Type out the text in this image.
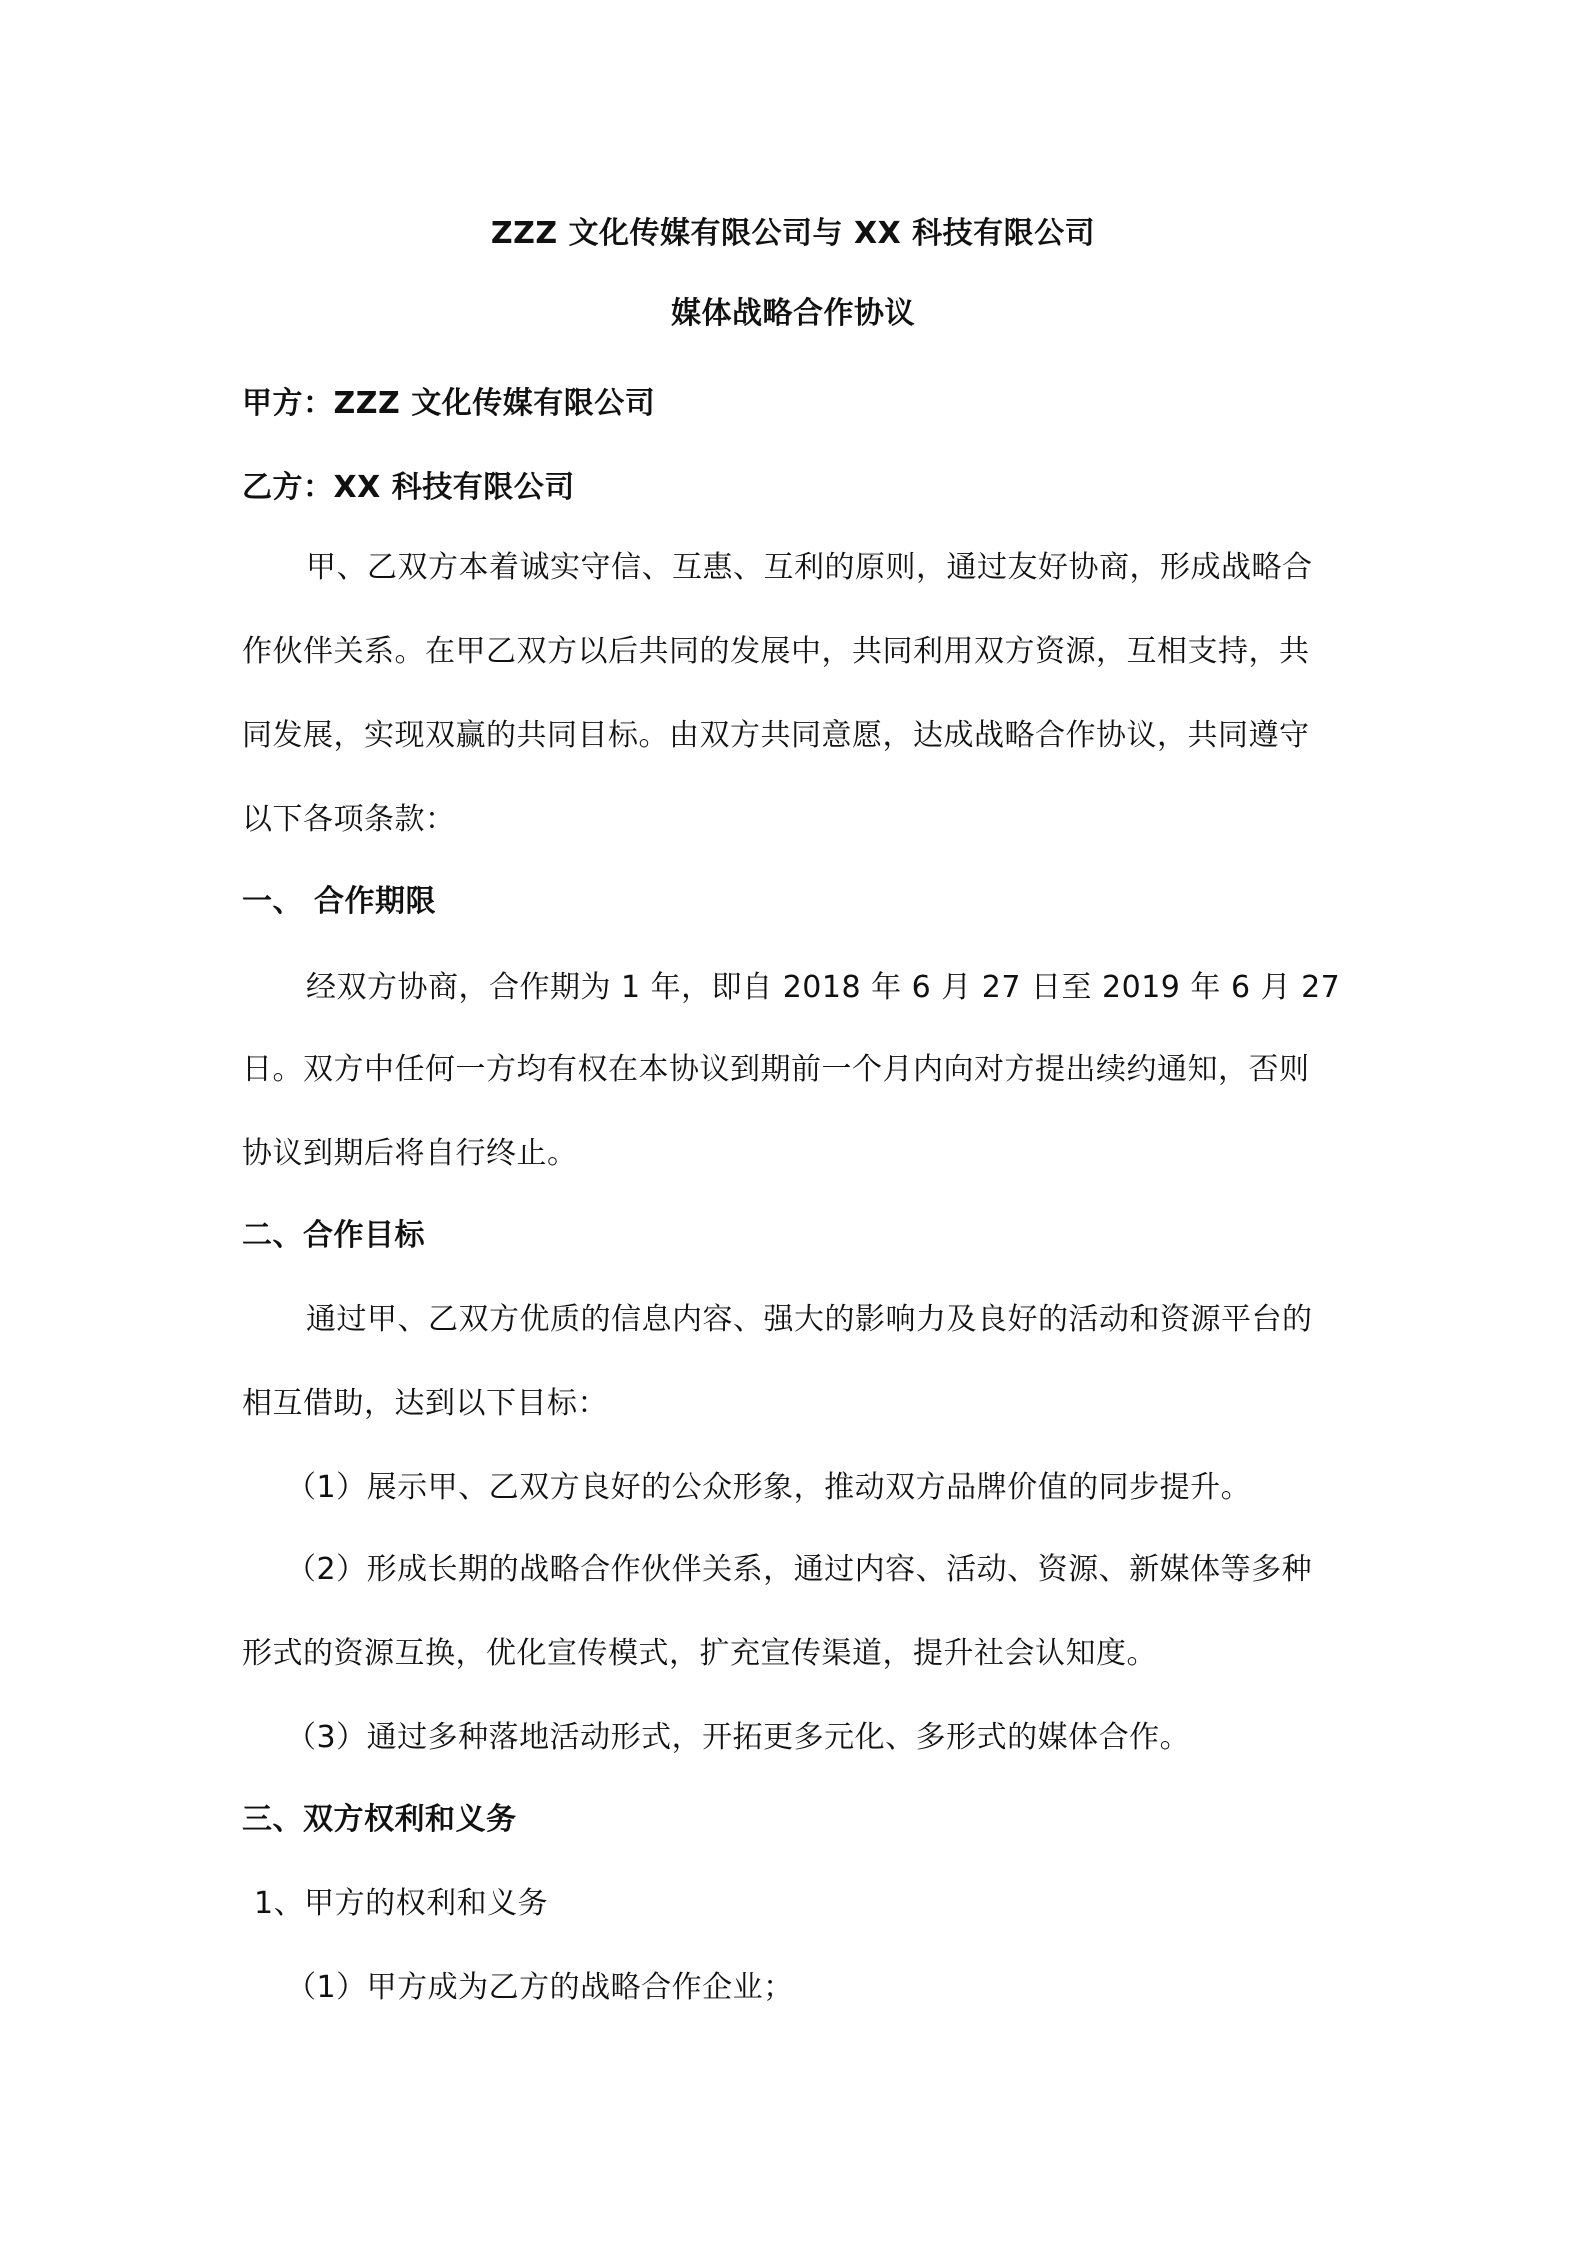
ZZZ 文化传媒有限公司与 XX 科技有限公司
媒体战略合作协议
甲方：ZZZ 文化传媒有限公司
乙方：XX 科技有限公司
甲、乙双方本着诚实守信、互惠、互利的原则，通过友好协商，形成战略合
作伙伴关系。在甲乙双方以后共同的发展中，共同利用双方资源，互相支持，共
同发展，实现双赢的共同目标。由双方共同意愿，达成战略合作协议，共同遵守
以下各项条款：
一、 合作期限
经双方协商，合作期为 1 年，即自 2018 年 6 月 27 日至 2019 年 6 月 27
日。双方中任何一方均有权在本协议到期前一个月内向对方提出续约通知，否则
协议到期后将自行终止。
二、合作目标
通过甲、乙双方优质的信息内容、强大的影响力及良好的活动和资源平台的
相互借助，达到以下目标：
（1）展示甲、乙双方良好的公众形象，推动双方品牌价值的同步提升。
（2）形成长期的战略合作伙伴关系，通过内容、活动、资源、新媒体等多种
形式的资源互换，优化宣传模式，扩充宣传渠道，提升社会认知度。
（3）通过多种落地活动形式，开拓更多元化、多形式的媒体合作。
三、双方权利和义务
1、甲方的权利和义务
（1）甲方成为乙方的战略合作企业；
